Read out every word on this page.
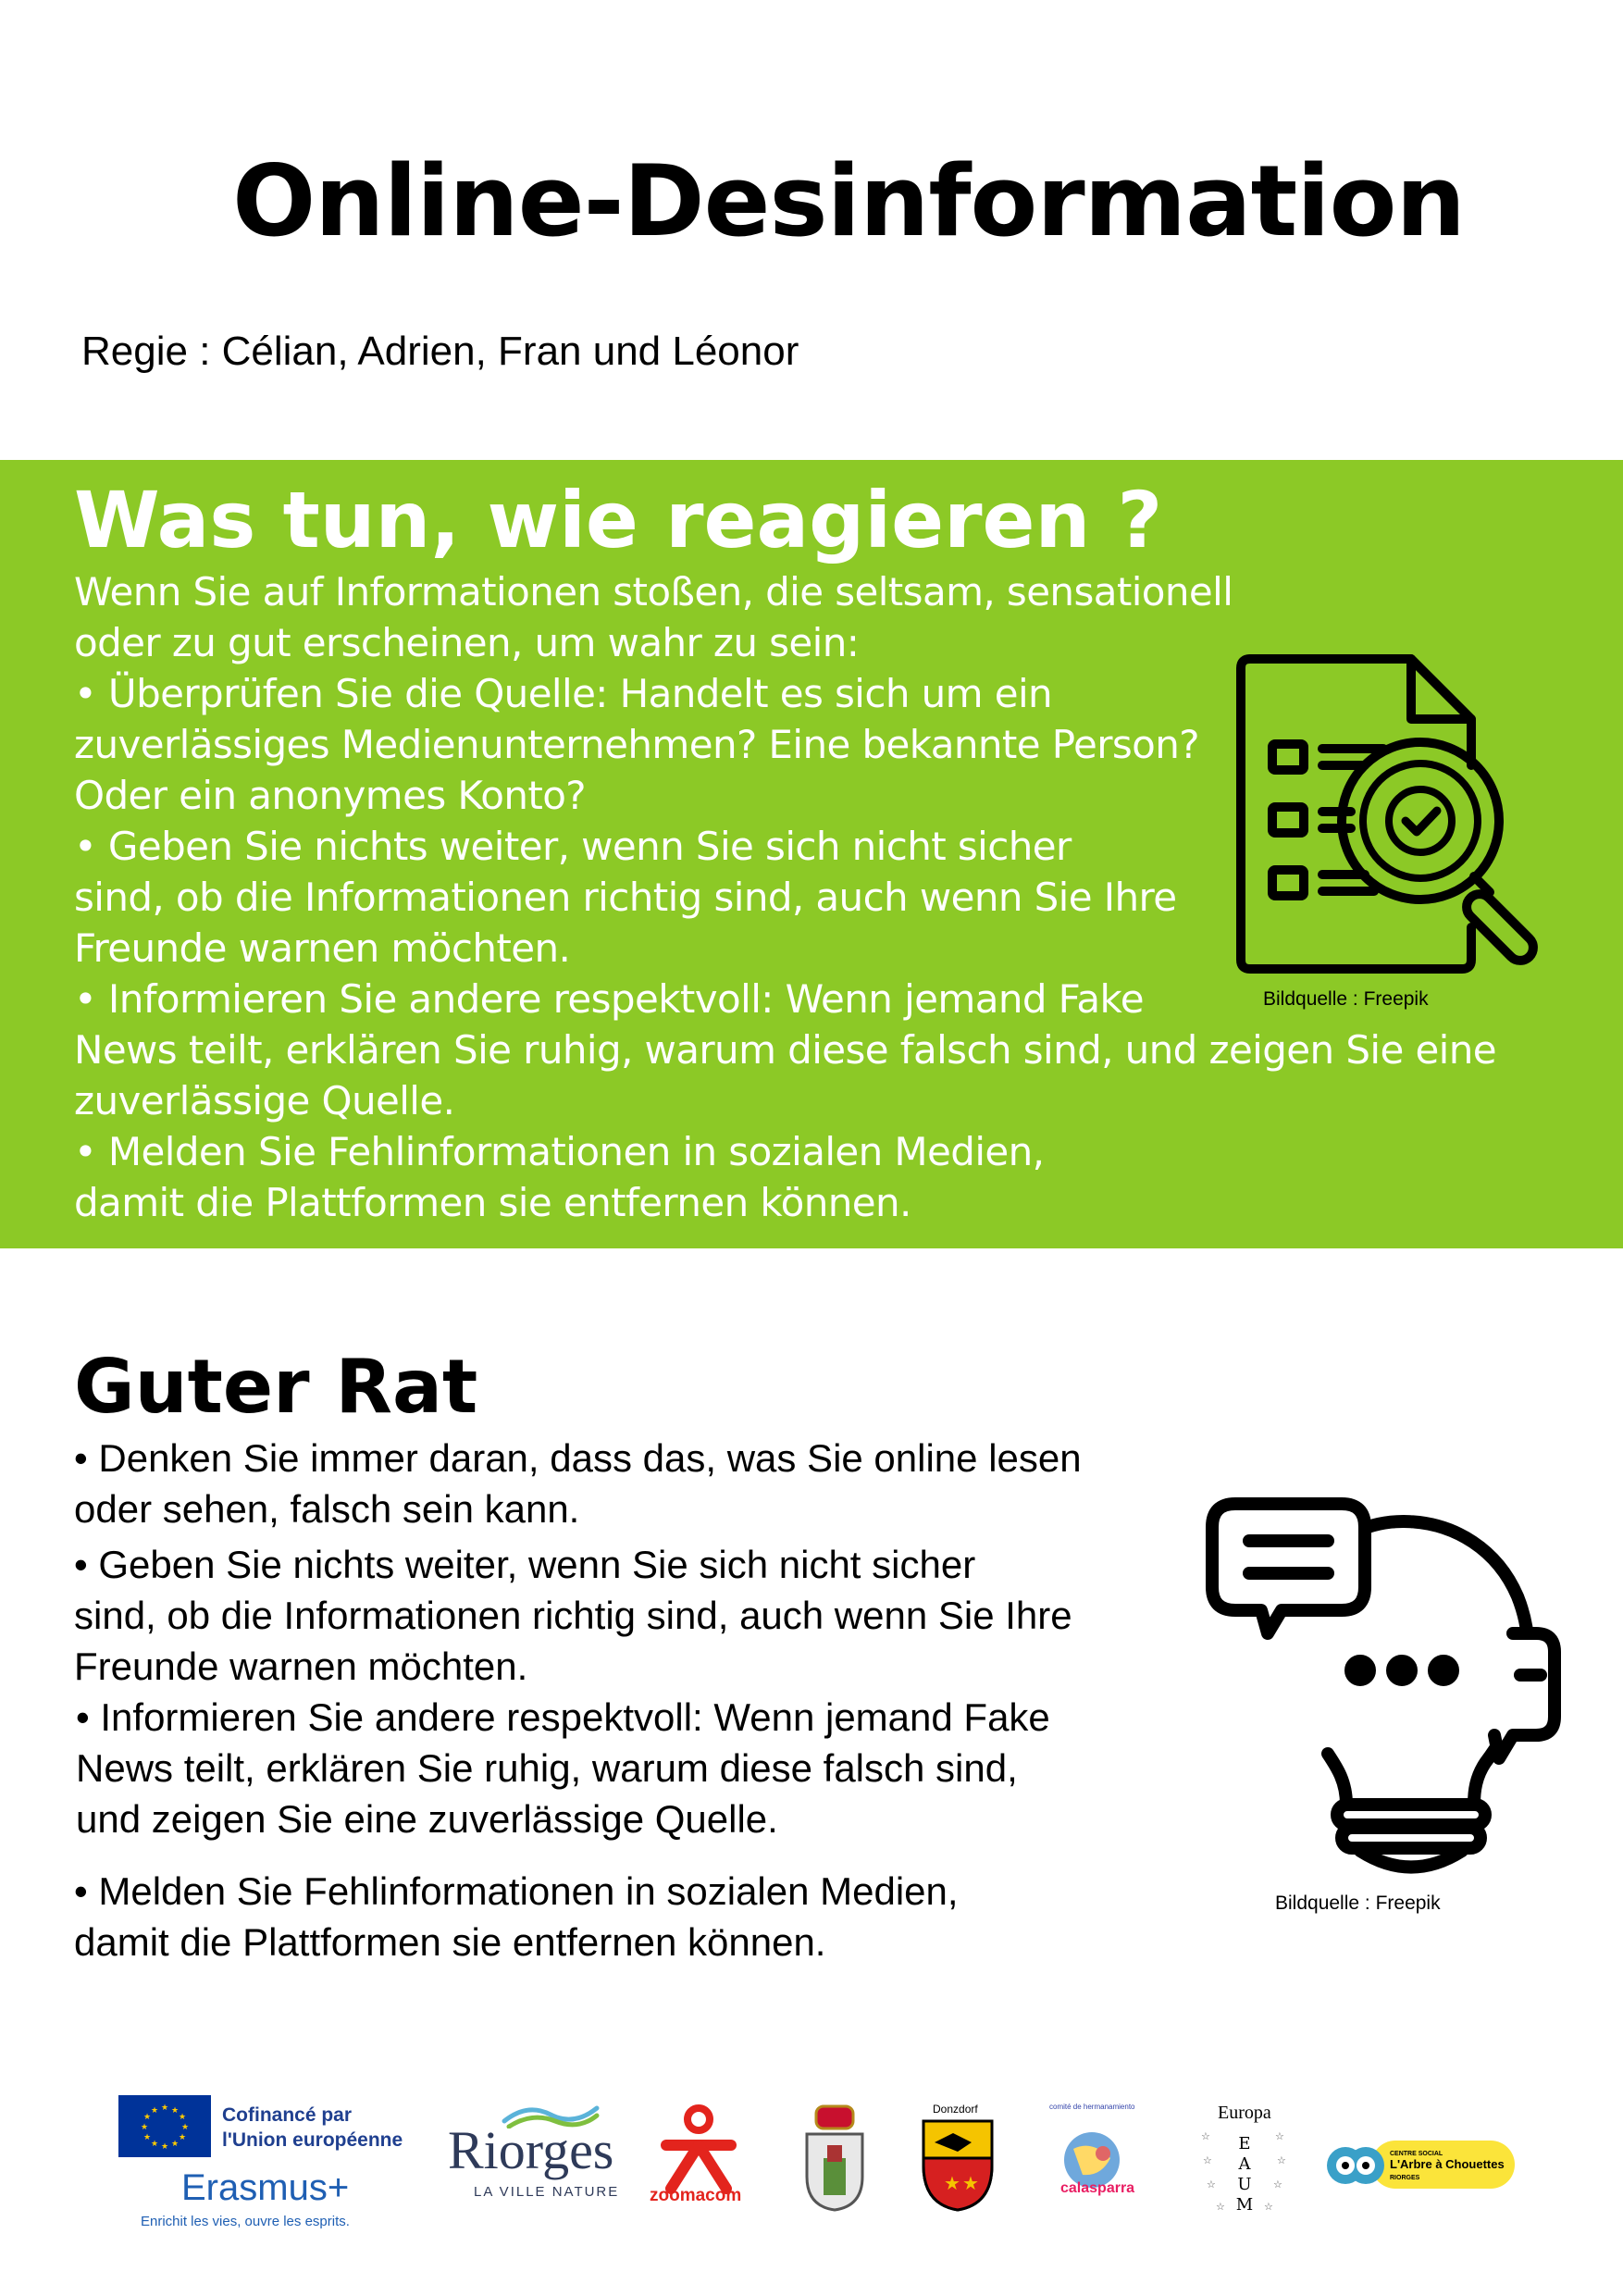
Online-Desinformation
Regie : Célian, Adrien, Fran und Léonor
Was tun, wie reagieren ?
Wenn Sie auf Informationen stoßen, die seltsam, sensationell
oder zu gut erscheinen, um wahr zu sein:
• Überprüfen Sie die Quelle: Handelt es sich um ein
zuverlässiges Medienunternehmen? Eine bekannte Person?
Oder ein anonymes Konto?
• Geben Sie nichts weiter, wenn Sie sich nicht sicher
sind, ob die Informationen richtig sind, auch wenn Sie Ihre
Freunde warnen möchten.
• Informieren Sie andere respektvoll: Wenn jemand Fake
News teilt, erklären Sie ruhig, warum diese falsch sind, und zeigen Sie eine
zuverlässige Quelle.
• Melden Sie Fehlinformationen in sozialen Medien,
damit die Plattformen sie entfernen können.
Bildquelle : Freepik
Guter Rat
• Denken Sie immer daran, dass das, was Sie online lesen
oder sehen, falsch sein kann.
• Geben Sie nichts weiter, wenn Sie sich nicht sicher
sind, ob die Informationen richtig sind, auch wenn Sie Ihre
Freunde warnen möchten.
• Informieren Sie andere respektvoll: Wenn jemand Fake
News teilt, erklären Sie ruhig, warum diese falsch sind,
und zeigen Sie eine zuverlässige Quelle.
• Melden Sie Fehlinformationen in sozialen Medien,
damit die Plattformen sie entfernen können.
Bildquelle : Freepik
★ ★
★
★
★
★
★
★
★
★
★
★	Cofinancé par
l'Union européenne
Erasmus+
Enrichit les vies, ouvre les esprits.
Riorges
LA VILLE NATURE zoomacom
Donzdorf
★ ★
comité de hermanamiento
calasparra
Europa
☆	☆
☆	☆
☆	☆
☆	☆
E
A
U
M
CENTRE SOCIAL
L'Arbre à Chouettes
RIORGES
